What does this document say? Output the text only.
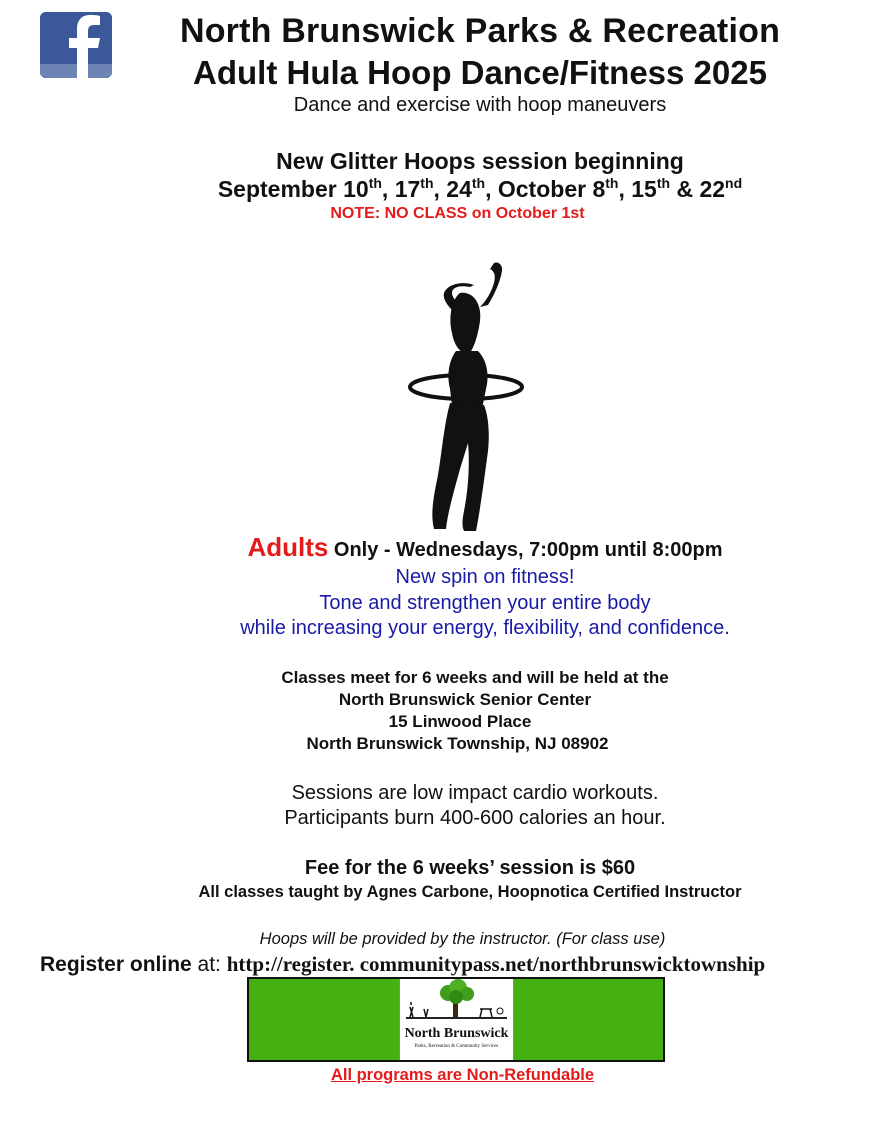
North Brunswick Parks & Recreation
Adult Hula Hoop Dance/Fitness 2025
Dance and exercise with hoop maneuvers
New Glitter Hoops session beginning
September 10th, 17th, 24th, October 8th, 15th & 22nd
NOTE: NO CLASS on October 1st
Adults Only - Wednesdays, 7:00pm until 8:00pm
New spin on fitness!
Tone and strengthen your entire body
while increasing your energy, flexibility, and confidence.
Classes meet for 6 weeks and will be held at the
North Brunswick Senior Center
15 Linwood Place
North Brunswick Township, NJ 08902
Sessions are low impact cardio workouts.
Participants burn 400-600 calories an hour.
Fee for the 6 weeks’ session is $60
All classes taught by Agnes Carbone, Hoopnotica Certified Instructor
Hoops will be provided by the instructor. (For class use)
Register online at: http://register. communitypass.net/northbrunswicktownship
North Brunswick
Parks, Recreation & Community Services
All programs are Non-Refundable
